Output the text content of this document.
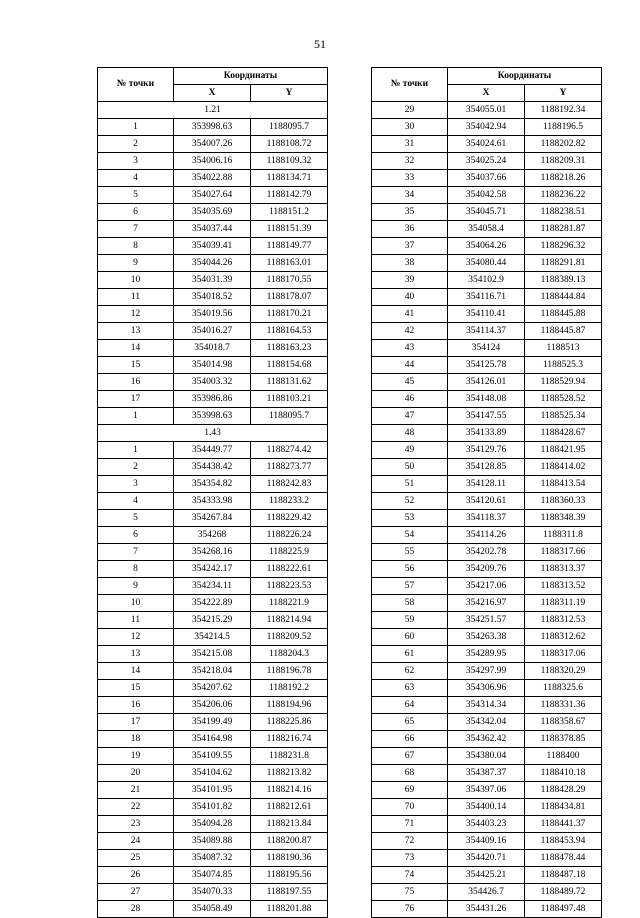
51
№ точки	Координаты	
	X	Y
1.21		
1	353998.63	1188095.7
2	354007.26	1188108.72
3	354006.16	1188109.32
4	354022.88	1188134.71
5	354027.64	1188142.79
6	354035.69	1188151.2
7	354037.44	1188151.39
8	354039.41	1188149.77
9	354044.26	1188163.01
10	354031.39	1188170.55
11	354018.52	1188178.07
12	354019.56	1188170.21
13	354016.27	1188164.53
14	354018.7	1188163.23
15	354014.98	1188154.68
16	354003.32	1188131.62
17	353986.86	1188103.21
1	353998.63	1188095.7
1.43		
1	354449.77	1188274.42
2	354438.42	1188273.77
3	354354.82	1188242.83
4	354333.98	1188233.2
5	354267.84	1188229.42
6	354268	1188226.24
7	354268.16	1188225.9
8	354242.17	1188222.61
9	354234.11	1188223.53
10	354222.89	1188221.9
11	354215.29	1188214.94
12	354214.5	1188209.52
13	354215.08	1188204.3
14	354218.04	1188196.78
15	354207.62	1188192.2
16	354206.06	1188194.96
17	354199.49	1188225.86
18	354164.98	1188216.74
19	354109.55	1188231.8
20	354104.62	1188213.82
21	354101.95	1188214.16
22	354101.82	1188212.61
23	354094.28	1188213.84
24	354089.88	1188200.87
25	354087.32	1188190.36
26	354074.85	1188195.56
27	354070.33	1188197.55
28	354058.49	1188201.88
№ точки	Координаты	
	X	Y
29	354055.01	1188192.34
30	354042.94	1188196.5
31	354024.61	1188202.82
32	354025.24	1188209.31
33	354037.66	1188218.26
34	354042.58	1188236.22
35	354045.71	1188238.51
36	354058.4	1188281.87
37	354064.26	1188296.32
38	354080.44	1188291.81
39	354102.9	1188389.13
40	354116.71	1188444.84
41	354110.41	1188445.88
42	354114.37	1188445.87
43	354124	1188513
44	354125.78	1188525.3
45	354126.01	1188529.94
46	354148.08	1188528.52
47	354147.55	1188525.34
48	354133.89	1188428.67
49	354129.76	1188421.95
50	354128.85	1188414.02
51	354128.11	1188413.54
52	354120.61	1188360.33
53	354118.37	1188348.39
54	354114.26	1188311.8
55	354202.78	1188317.66
56	354209.76	1188313.37
57	354217.06	1188313.52
58	354216.97	1188311.19
59	354251.57	1188312.53
60	354263.38	1188312.62
61	354289.95	1188317.06
62	354297.99	1188320.29
63	354306.96	1188325.6
64	354314.34	1188331.36
65	354342.04	1188358.67
66	354362.42	1188378.85
67	354380.04	1188400
68	354387.37	1188410.18
69	354397.06	1188428.29
70	354400.14	1188434.81
71	354403.23	1188441.37
72	354409.16	1188453.94
73	354420.71	1188478.44
74	354425.21	1188487.18
75	354426.7	1188489.72
76	354431.26	1188497.48
